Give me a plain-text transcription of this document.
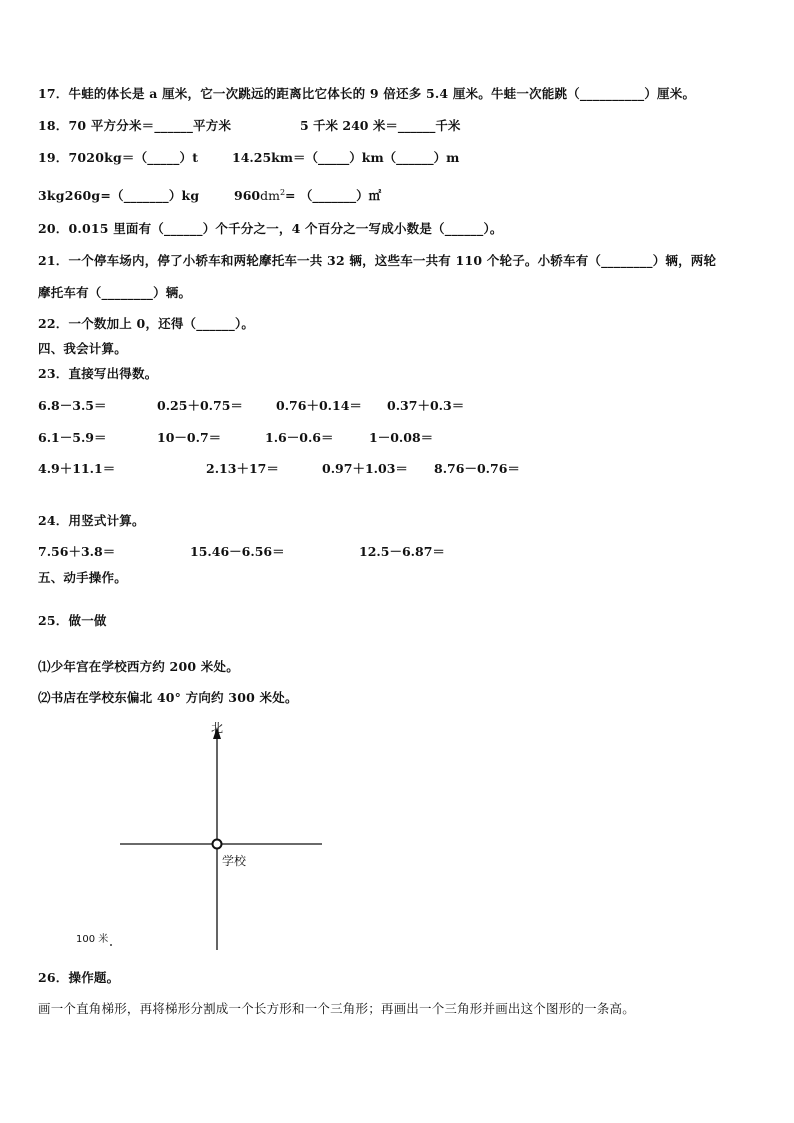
17．牛蛙的体长是 a 厘米，它一次跳远的距离比它体长的 9 倍还多 5.4 厘米。牛蛙一次能跳（__________）厘米。
18．70 平方分米＝______平方米	5 千米 240 米＝______千米
19．7020kg＝（_____）t	14.25km＝（_____）km（______）m
3kg260g=（_______）kg	$960dm^2=$ （_______）㎡
20．0.015 里面有（______）个千分之一，4 个百分之一写成小数是（______）。
21．一个停车场内，停了小轿车和两轮摩托车一共 32 辆，这些车一共有 110 个轮子。小轿车有（________）辆，两轮
摩托车有（________）辆。
22．一个数加上 0，还得（______）。
四、我会计算。
23．直接写出得数。
6.8－3.5＝	0.25＋0.75＝	0.76＋0.14＝ 0.37＋0.3＝
6.1－5.9＝	10－0.7＝	1.6－0.6＝	1－0.08＝
4.9＋11.1＝	2.13＋17＝	0.97＋1.03＝ 8.76－0.76＝
24．用竖式计算。
7.56＋3.8＝	15.46－6.56＝	12.5－6.87＝
五、动手操作。
25．做一做
⑴少年宫在学校西方约 200 米处。
⑵书店在学校东偏北 40° 方向约 300 米处。
北
学校
100 米
26．操作题。
画一个直角梯形，再将梯形分割成一个长方形和一个三角形；再画出一个三角形并画出这个图形的一条高。
